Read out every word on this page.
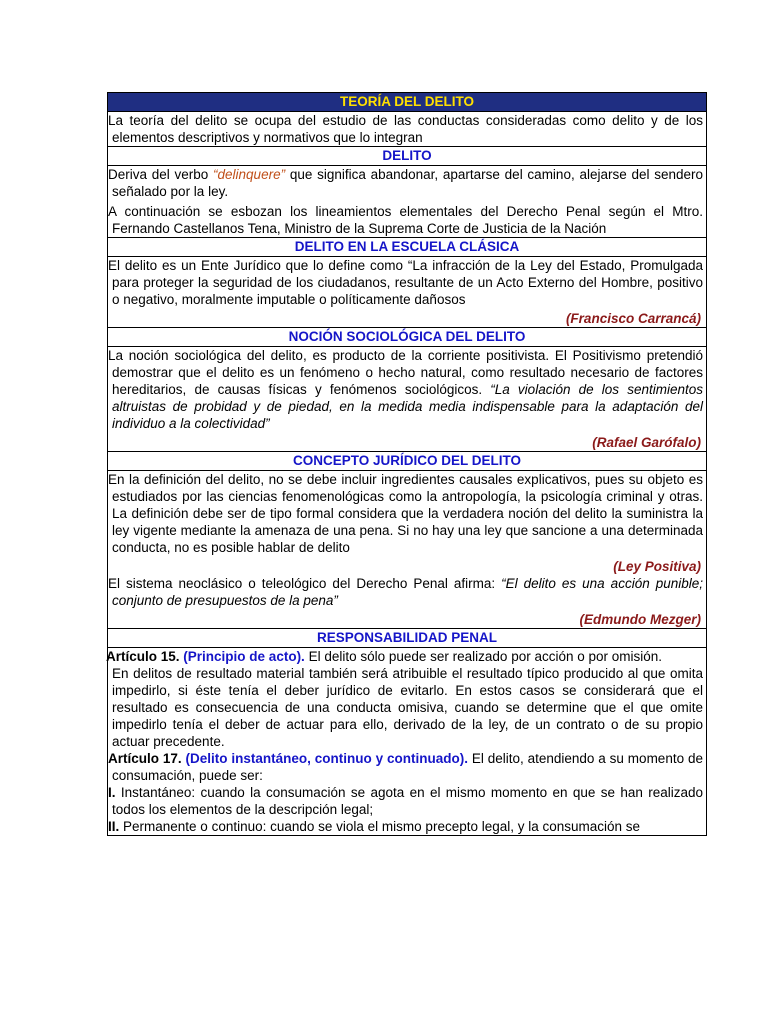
TEORÍA DEL DELITO
La teoría del delito se ocupa del estudio de las conductas consideradas como delito y de los elementos descriptivos y normativos que lo integran
DELITO
Deriva del verbo “delinquere” que significa abandonar, apartarse del camino, alejarse del sendero señalado por la ley.
A continuación se esbozan los lineamientos elementales del Derecho Penal según el Mtro. Fernando Castellanos Tena, Ministro de la Suprema Corte de Justicia de la Nación
DELITO EN LA ESCUELA CLÁSICA
El delito es un Ente Jurídico que lo define como “La infracción de la Ley del Estado, Promulgada para proteger la seguridad de los ciudadanos, resultante de un Acto Externo del Hombre, positivo o negativo, moralmente imputable o políticamente dañosos
(Francisco Carrancá)
NOCIÓN SOCIOLÓGICA DEL DELITO
La noción sociológica del delito, es producto de la corriente positivista. El Positivismo pretendió demostrar que el delito es un fenómeno o hecho natural, como resultado necesario de factores hereditarios, de causas físicas y fenómenos sociológicos. “La violación de los sentimientos altruistas de probidad y de piedad, en la medida media indispensable para la adaptación del individuo a la colectividad”
(Rafael Garófalo)
CONCEPTO JURÍDICO DEL DELITO
En la definición del delito, no se debe incluir ingredientes causales explicativos, pues su objeto es estudiados por las ciencias fenomenológicas como la antropología, la psicología criminal y otras. La definición debe ser de tipo formal considera que la verdadera noción del delito la suministra la ley vigente mediante la amenaza de una pena. Si no hay una ley que sancione a una determinada conducta, no es posible hablar de delito
(Ley Positiva)
El sistema neoclásico o teleológico del Derecho Penal afirma: “El delito es una acción punible; conjunto de presupuestos de la pena”
(Edmundo Mezger)
RESPONSABILIDAD PENAL
Artículo 15. (Principio de acto). El delito sólo puede ser realizado por acción o por omisión.
En delitos de resultado material también será atribuible el resultado típico producido al que omita impedirlo, si éste tenía el deber jurídico de evitarlo. En estos casos se considerará que el resultado es consecuencia de una conducta omisiva, cuando se determine que el que omite impedirlo tenía el deber de actuar para ello, derivado de la ley, de un contrato o de su propio actuar precedente.
Artículo 17. (Delito instantáneo, continuo y continuado). El delito, atendiendo a su momento de consumación, puede ser:
I. Instantáneo: cuando la consumación se agota en el mismo momento en que se han realizado todos los elementos de la descripción legal;
II. Permanente o continuo: cuando se viola el mismo precepto legal, y la consumación se
